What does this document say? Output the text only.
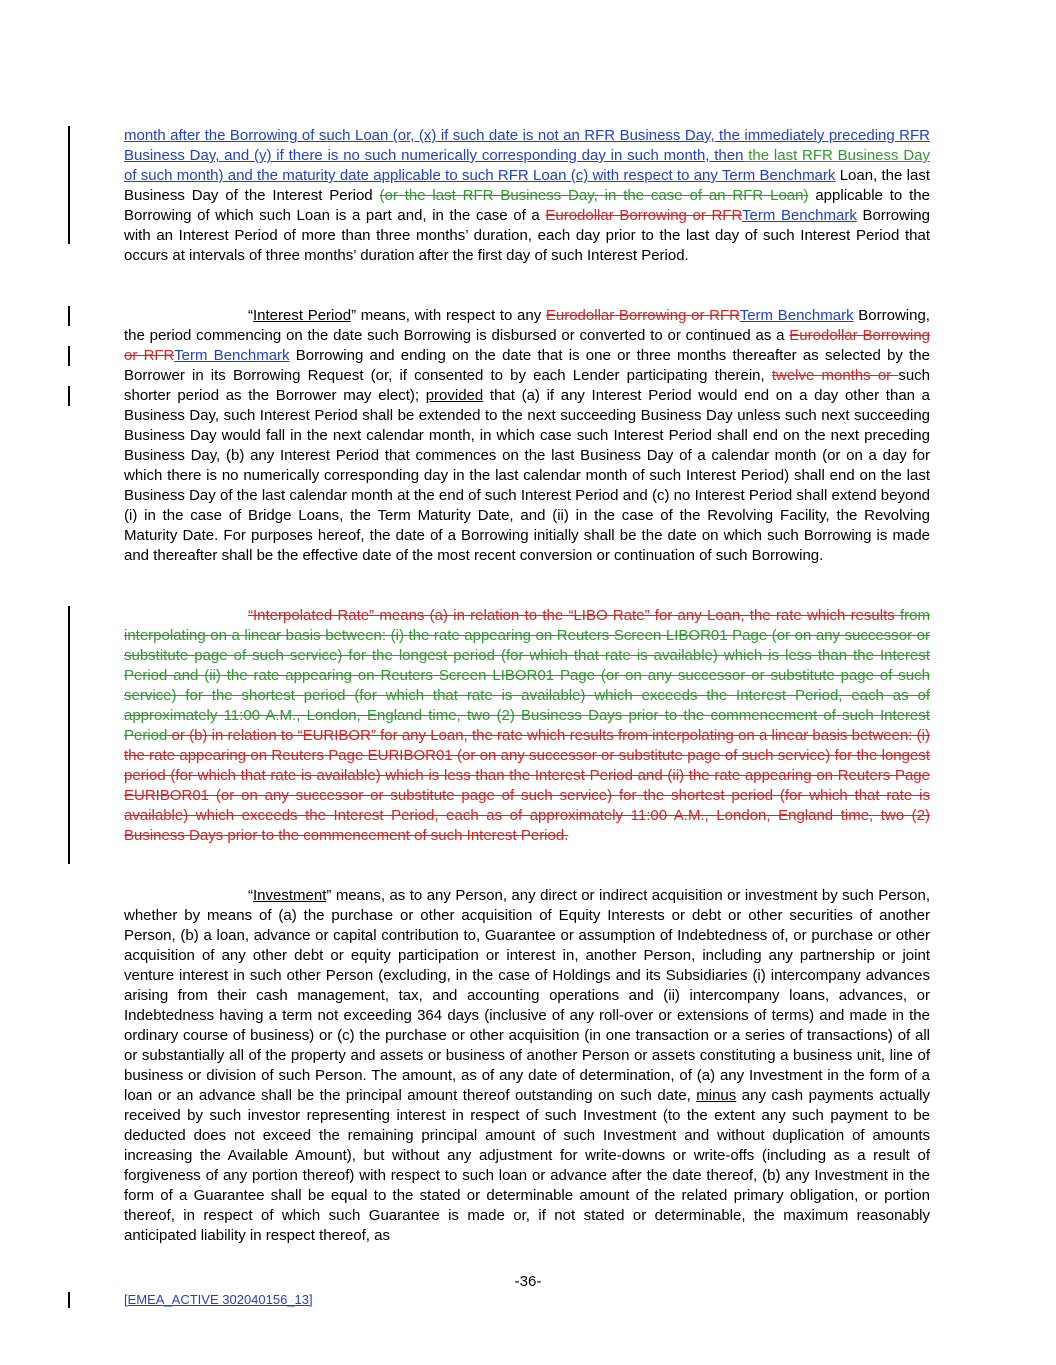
month after the Borrowing of such Loan (or, (x) if such date is not an RFR Business Day, the immediately preceding RFR Business Day, and (y) if there is no such numerically corresponding day in such month, then the last RFR Business Day of such month) and the maturity date applicable to such RFR Loan (c) with respect to any Term Benchmark Loan, the last Business Day of the Interest Period (or the last RFR Business Day, in the case of an RFR Loan) applicable to the Borrowing of which such Loan is a part and, in the case of a Eurodollar Borrowing or RFRTerm Benchmark Borrowing with an Interest Period of more than three months’ duration, each day prior to the last day of such Interest Period that occurs at intervals of three months’ duration after the first day of such Interest Period.

“Interest Period” means, with respect to any Eurodollar Borrowing or RFRTerm Benchmark Borrowing, the period commencing on the date such Borrowing is disbursed or converted to or continued as a Eurodollar Borrowing or RFRTerm Benchmark Borrowing and ending on the date that is one or three months thereafter as selected by the Borrower in its Borrowing Request (or, if consented to by each Lender participating therein, twelve months or such shorter period as the Borrower may elect); provided that (a) if any Interest Period would end on a day other than a Business Day, such Interest Period shall be extended to the next succeeding Business Day unless such next succeeding Business Day would fall in the next calendar month, in which case such Interest Period shall end on the next preceding Business Day, (b) any Interest Period that commences on the last Business Day of a calendar month (or on a day for which there is no numerically corresponding day in the last calendar month of such Interest Period) shall end on the last Business Day of the last calendar month at the end of such Interest Period and (c) no Interest Period shall extend beyond (i) in the case of Bridge Loans, the Term Maturity Date, and (ii) in the case of the Revolving Facility, the Revolving Maturity Date. For purposes hereof, the date of a Borrowing initially shall be the date on which such Borrowing is made and thereafter shall be the effective date of the most recent conversion or continuation of such Borrowing.

“Interpolated Rate” means (a) in relation to the “LIBO Rate” for any Loan, the rate which results from interpolating on a linear basis between: (i) the rate appearing on Reuters Screen LIBOR01 Page (or on any successor or substitute page of such service) for the longest period (for which that rate is available) which is less than the Interest Period and (ii) the rate appearing on Reuters Screen LIBOR01 Page (or on any successor or substitute page of such service) for the shortest period (for which that rate is available) which exceeds the Interest Period, each as of approximately 11:00 A.M., London, England time, two (2) Business Days prior to the commencement of such Interest Period or (b) in relation to “EURIBOR” for any Loan, the rate which results from interpolating on a linear basis between: (i) the rate appearing on Reuters Page EURIBOR01 (or on any successor or substitute page of such service) for the longest period (for which that rate is available) which is less than the Interest Period and (ii) the rate appearing on Reuters Page EURIBOR01 (or on any successor or substitute page of such service) for the shortest period (for which that rate is available) which exceeds the Interest Period, each as of approximately 11:00 A.M., London, England time, two (2) Business Days prior to the commencement of such Interest Period.

“Investment” means, as to any Person, any direct or indirect acquisition or investment by such Person, whether by means of (a) the purchase or other acquisition of Equity Interests or debt or other securities of another Person, (b) a loan, advance or capital contribution to, Guarantee or assumption of Indebtedness of, or purchase or other acquisition of any other debt or equity participation or interest in, another Person, including any partnership or joint venture interest in such other Person (excluding, in the case of Holdings and its Subsidiaries (i) intercompany advances arising from their cash management, tax, and accounting operations and (ii) intercompany loans, advances, or Indebtedness having a term not exceeding 364 days (inclusive of any roll-over or extensions of terms) and made in the ordinary course of business) or (c) the purchase or other acquisition (in one transaction or a series of transactions) of all or substantially all of the property and assets or business of another Person or assets constituting a business unit, line of business or division of such Person. The amount, as of any date of determination, of (a) any Investment in the form of a loan or an advance shall be the principal amount thereof outstanding on such date, minus any cash payments actually received by such investor representing interest in respect of such Investment (to the extent any such payment to be deducted does not exceed the remaining principal amount of such Investment and without duplication of amounts increasing the Available Amount), but without any adjustment for write-downs or write-offs (including as a result of forgiveness of any portion thereof) with respect to such loan or advance after the date thereof, (b) any Investment in the form of a Guarantee shall be equal to the stated or determinable amount of the related primary obligation, or portion thereof, in respect of which such Guarantee is made or, if not stated or determinable, the maximum reasonably anticipated liability in respect thereof, as

-36-
[EMEA_ACTIVE 302040156_13]
